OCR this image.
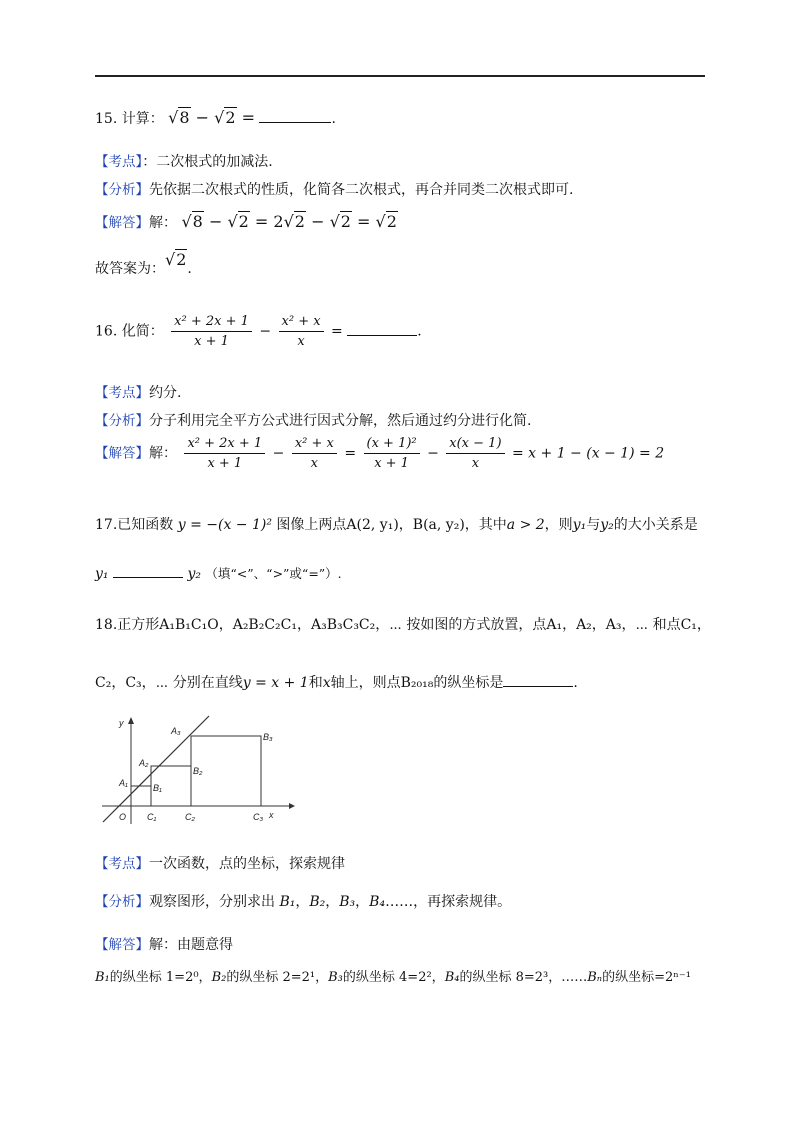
15. 计算： √8 − √2 =	.
【考点】：二次根式的加减法.
【分析】先依据二次根式的性质，化简各二次根式，再合并同类二次根式即可.
【解答】解： √8 − √2 = 2√2 − √2 = √2
故答案为：√2.
16. 化简： $\frac{\text{x² + 2x + 1}}{x + 1} - \frac{\text{x² + x}}{x}$ =	.
【考点】约分.
【分析】分子利用完全平方公式进行因式分解，然后通过约分进行化简.
【解答】解： $\frac{\text{x² + 2x + 1}}{x + 1} - \frac{\text{x² + x}}{x} = \frac{\text{(x + 1)²}}{x + 1} - \frac{x(x - 1)}{x} = x + 1 - (x - 1) = 2$
17.已知函数 y = −(x − 1)² 图像上两点A(2, y₁)，B(a, y₂)，其中a > 2，则y₁与y₂的大小关系是
y₁	y₂ （填“<”、“>”或“=”）.
18.正方形A₁B₁C₁O，A₂B₂C₂C₁，A₃B₃C₃C₂，⋯ 按如图的方式放置，点A₁，A₂，A₃，⋯ 和点C₁，
C₂，C₃，⋯ 分别在直线y = x + 1和x轴上，则点B₂₀₁₈的纵坐标是	.
y
x
O
A₁
A₂
A₃
B₁
B₂
B₃
C₁	C₂	C₃
【考点】一次函数，点的坐标，探索规律
【分析】观察图形，分别求出 B₁，B₂，B₃，B₄……，再探索规律。
【解答】解：由题意得
B₁的纵坐标 1=2⁰，B₂的纵坐标 2=2¹，B₃的纵坐标 4=2²，B₄的纵坐标 8=2³，……Bₙ的纵坐标=2ⁿ⁻¹
